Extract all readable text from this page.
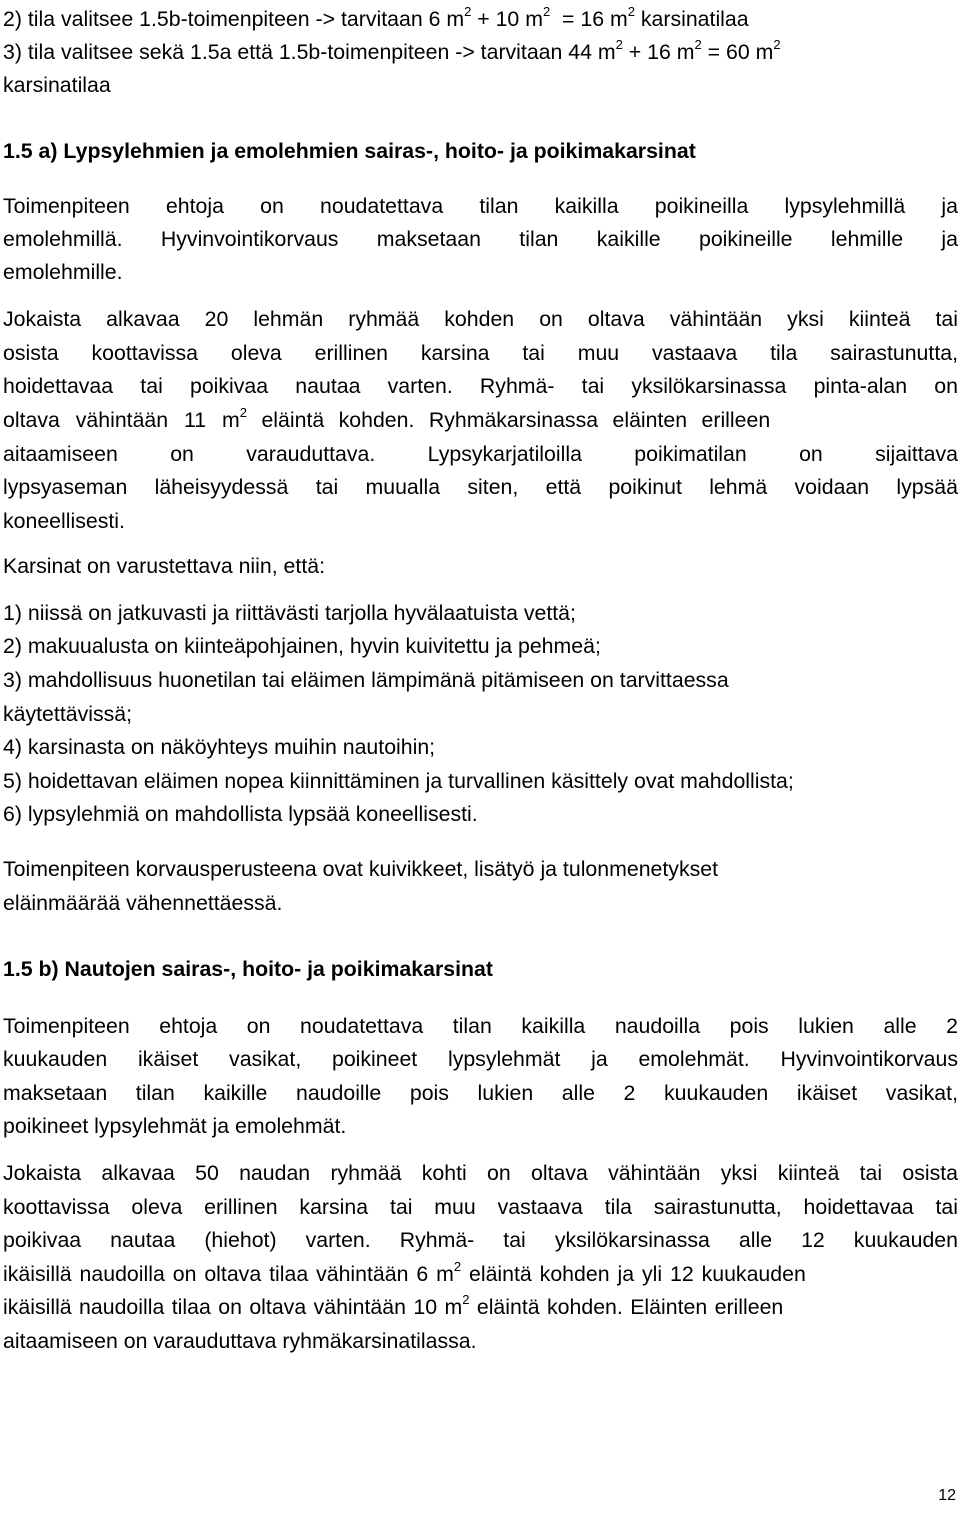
2) tila valitsee 1.5b-toimenpiteen -> tarvitaan 6 $m^2 + 10$ $m^2 = 16$ $m^2$ karsinatilaa
3) tila valitsee sekä 1.5a että 1.5b-toimenpiteen -> tarvitaan 44 $m^2 + 16$ $m^2 = 60$ $m^2$
karsinatilaa
1.5 a) Lypsylehmien ja emolehmien sairas-, hoito- ja poikimakarsinat
Toimenpiteen ehtoja on noudatettava tilan kaikilla poikineilla lypsylehmillä ja
emolehmillä. Hyvinvointikorvaus maksetaan tilan kaikille poikineille lehmille ja
emolehmille.
Jokaista alkavaa 20 lehmän ryhmää kohden on oltava vähintään yksi kiinteä tai
osista koottavissa oleva erillinen karsina tai muu vastaava tila sairastunutta,
hoidettavaa tai poikivaa nautaa varten. Ryhmä- tai yksilökarsinassa pinta-alan on
oltava vähintään 11 $m^2$ eläintä kohden. Ryhmäkarsinassa eläinten erilleen
aitaamiseen on varauduttava. Lypsykarjatiloilla poikimatilan on sijaittava
lypsyaseman läheisyydessä tai muualla siten, että poikinut lehmä voidaan lypsää
koneellisesti.
Karsinat on varustettava niin, että:
1) niissä on jatkuvasti ja riittävästi tarjolla hyvälaatuista vettä;
2) makuualusta on kiinteäpohjainen, hyvin kuivitettu ja pehmeä;
3) mahdollisuus huonetilan tai eläimen lämpimänä pitämiseen on tarvittaessa
käytettävissä;
4) karsinasta on näköyhteys muihin nautoihin;
5) hoidettavan eläimen nopea kiinnittäminen ja turvallinen käsittely ovat mahdollista;
6) lypsylehmiä on mahdollista lypsää koneellisesti.
Toimenpiteen korvausperusteena ovat kuivikkeet, lisätyö ja tulonmenetykset
eläinmäärää vähennettäessä.
1.5 b) Nautojen sairas-, hoito- ja poikimakarsinat
Toimenpiteen ehtoja on noudatettava tilan kaikilla naudoilla pois lukien alle 2
kuukauden ikäiset vasikat, poikineet lypsylehmät ja emolehmät. Hyvinvointikorvaus
maksetaan tilan kaikille naudoille pois lukien alle 2 kuukauden ikäiset vasikat,
poikineet lypsylehmät ja emolehmät.
Jokaista alkavaa 50 naudan ryhmää kohti on oltava vähintään yksi kiinteä tai osista
koottavissa oleva erillinen karsina tai muu vastaava tila sairastunutta, hoidettavaa tai
poikivaa nautaa (hiehot) varten. Ryhmä- tai yksilökarsinassa alle 12 kuukauden
ikäisillä naudoilla on oltava tilaa vähintään 6 $m^2$ eläintä kohden ja yli 12 kuukauden
ikäisillä naudoilla tilaa on oltava vähintään 10 $m^2$ eläintä kohden. Eläinten erilleen
aitaamiseen on varauduttava ryhmäkarsinatilassa.
12
